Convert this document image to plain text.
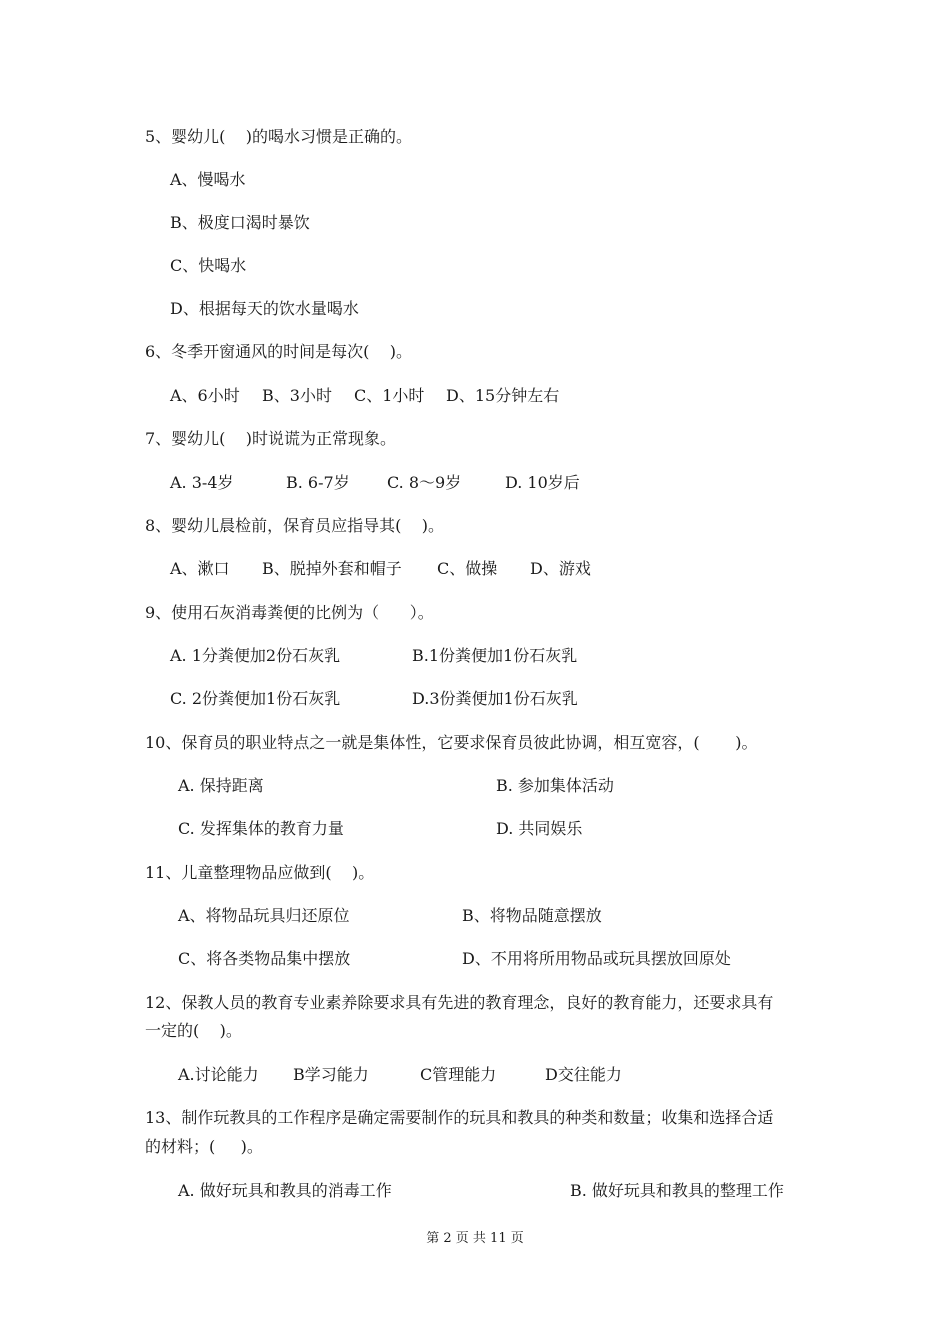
5、婴幼儿(    )的喝水习惯是正确的。
A、慢喝水
B、极度口渴时暴饮
C、快喝水
D、根据每天的饮水量喝水
6、冬季开窗通风的时间是每次(    )。
A、6小时 B、3小时 C、1小时 D、15分钟左右
7、婴幼儿(    )时说谎为正常现象。
A. 3-4岁	B. 6-7岁 C. 8～9岁	D. 10岁后
8、婴幼儿晨检前，保育员应指导其(    )。
A、漱口 B、脱掉外套和帽子 C、做操 D、游戏
9、使用石灰消毒粪便的比例为（      ）。
A. 1分粪便加2份石灰乳	B.1份粪便加1份石灰乳
C. 2份粪便加1份石灰乳	D.3份粪便加1份石灰乳
10、保育员的职业特点之一就是集体性，它要求保育员彼此协调，相互宽容，(       )。
A. 保持距离	B. 参加集体活动
C. 发挥集体的教育力量	D. 共同娱乐
11、儿童整理物品应做到(    )。
A、将物品玩具归还原位	B、将物品随意摆放
C、将各类物品集中摆放	D、不用将所用物品或玩具摆放回原处
12、保教人员的教育专业素养除要求具有先进的教育理念，良好的教育能力，还要求具有
一定的(    )。
A.讨论能力 B学习能力	C管理能力	D交往能力
13、制作玩教具的工作程序是确定需要制作的玩具和教具的种类和数量；收集和选择合适
的材料；(     )。
A. 做好玩具和教具的消毒工作	B. 做好玩具和教具的整理工作
第 2 页 共 11 页
